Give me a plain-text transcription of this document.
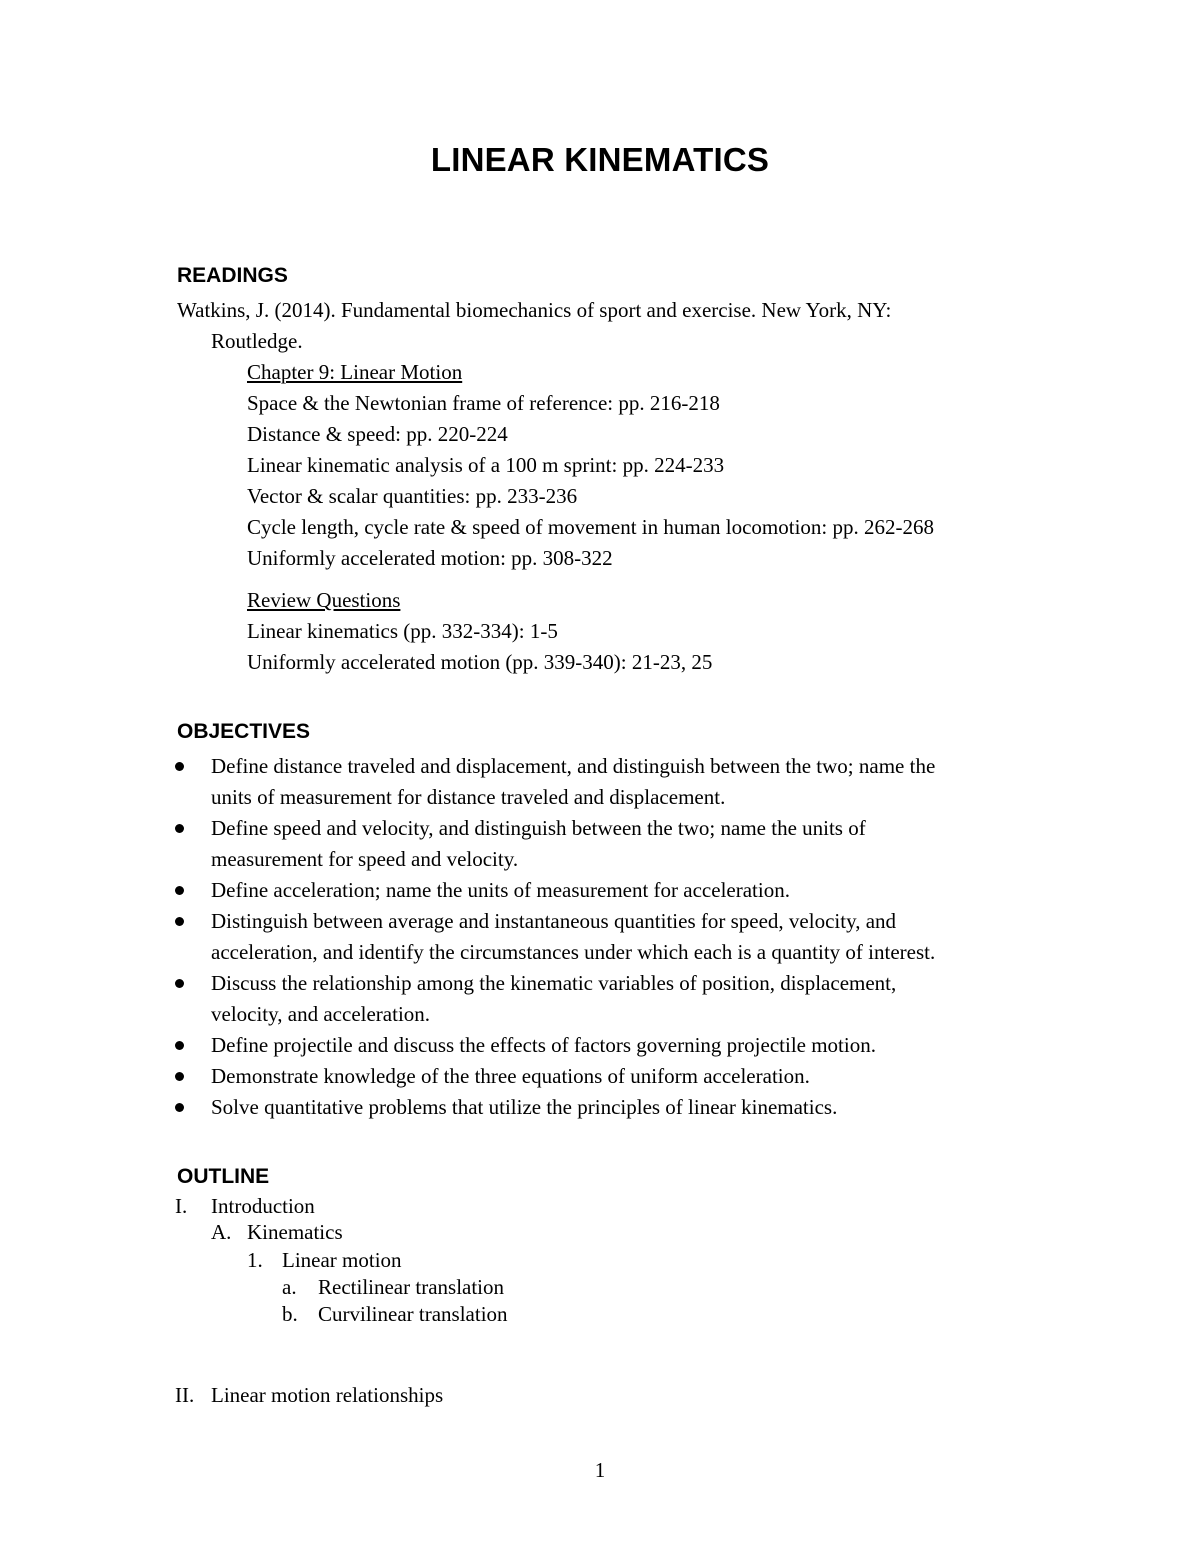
LINEAR KINEMATICS
READINGS
Watkins, J. (2014). Fundamental biomechanics of sport and exercise. New York, NY:
Routledge.
Chapter 9: Linear Motion
Space & the Newtonian frame of reference: pp. 216-218
Distance & speed: pp. 220-224
Linear kinematic analysis of a 100 m sprint: pp. 224-233
Vector & scalar quantities: pp. 233-236
Cycle length, cycle rate & speed of movement in human locomotion: pp. 262-268
Uniformly accelerated motion: pp. 308-322
Review Questions
Linear kinematics (pp. 332-334): 1-5
Uniformly accelerated motion (pp. 339-340): 21-23, 25
OBJECTIVES
Define distance traveled and displacement, and distinguish between the two; name the
units of measurement for distance traveled and displacement.
Define speed and velocity, and distinguish between the two; name the units of
measurement for speed and velocity.
Define acceleration; name the units of measurement for acceleration.
Distinguish between average and instantaneous quantities for speed, velocity, and
acceleration, and identify the circumstances under which each is a quantity of interest.
Discuss the relationship among the kinematic variables of position, displacement,
velocity, and acceleration.
Define projectile and discuss the effects of factors governing projectile motion.
Demonstrate knowledge of the three equations of uniform acceleration.
Solve quantitative problems that utilize the principles of linear kinematics.
OUTLINE
I. Introduction
A. Kinematics
1. Linear motion
a. Rectilinear translation
b. Curvilinear translation
II. Linear motion relationships
1
